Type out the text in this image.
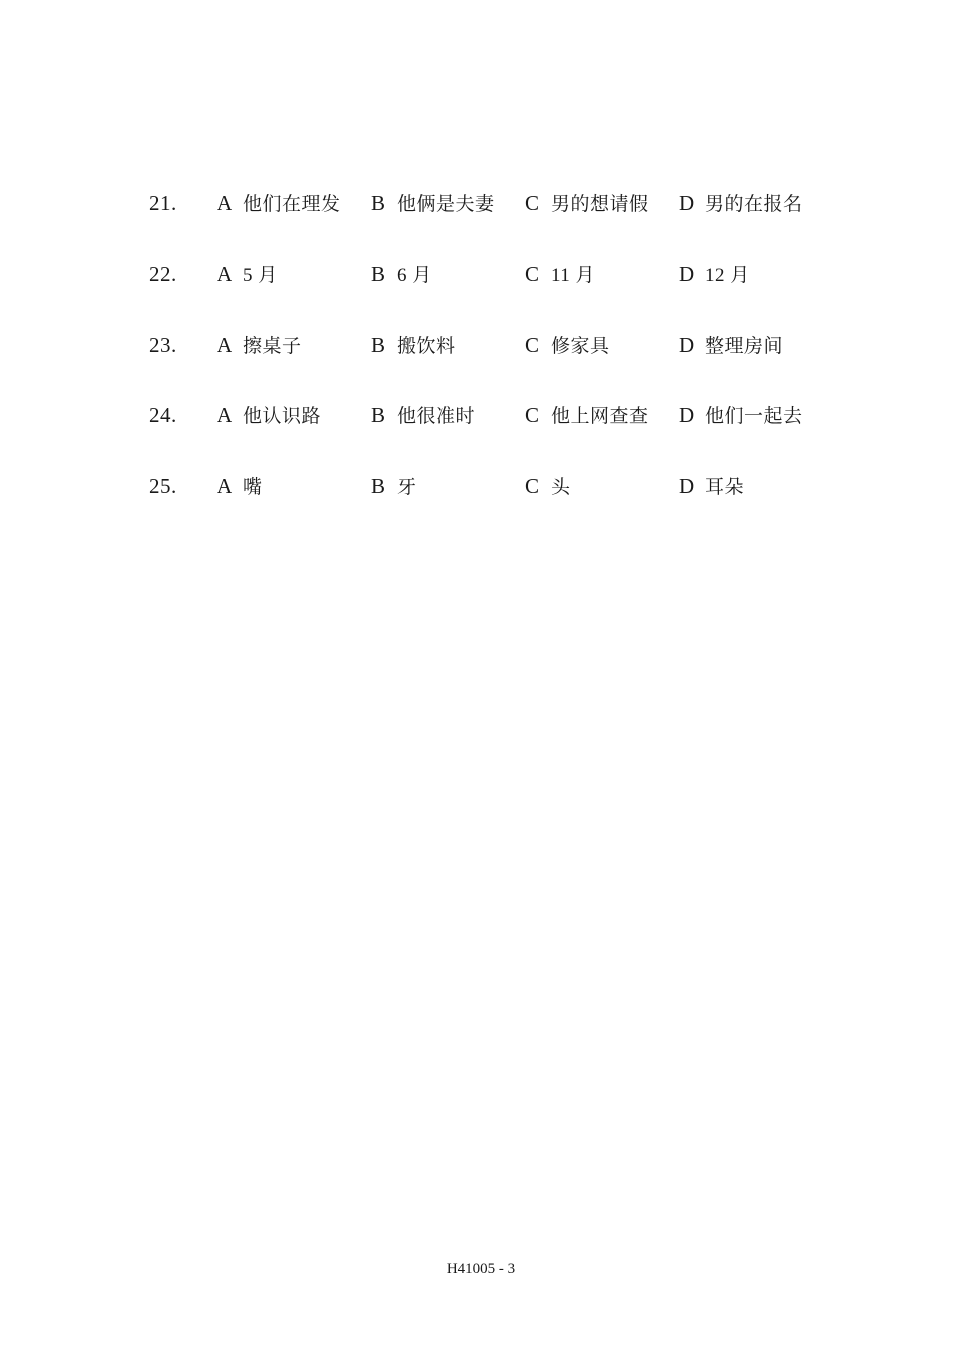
21. A 他们在理发 B 他俩是夫妻 C 男的想请假 D 男的在报名
22. A 5 月	B 6 月	C 11 月	D 12 月
23. A 擦桌子	B 搬饮料	C 修家具	D 整理房间
24. A 他认识路 B 他很准时 C 他上网查查 D 他们一起去
25. A 嘴	B 牙	C 头	D 耳朵
H41005 - 3
